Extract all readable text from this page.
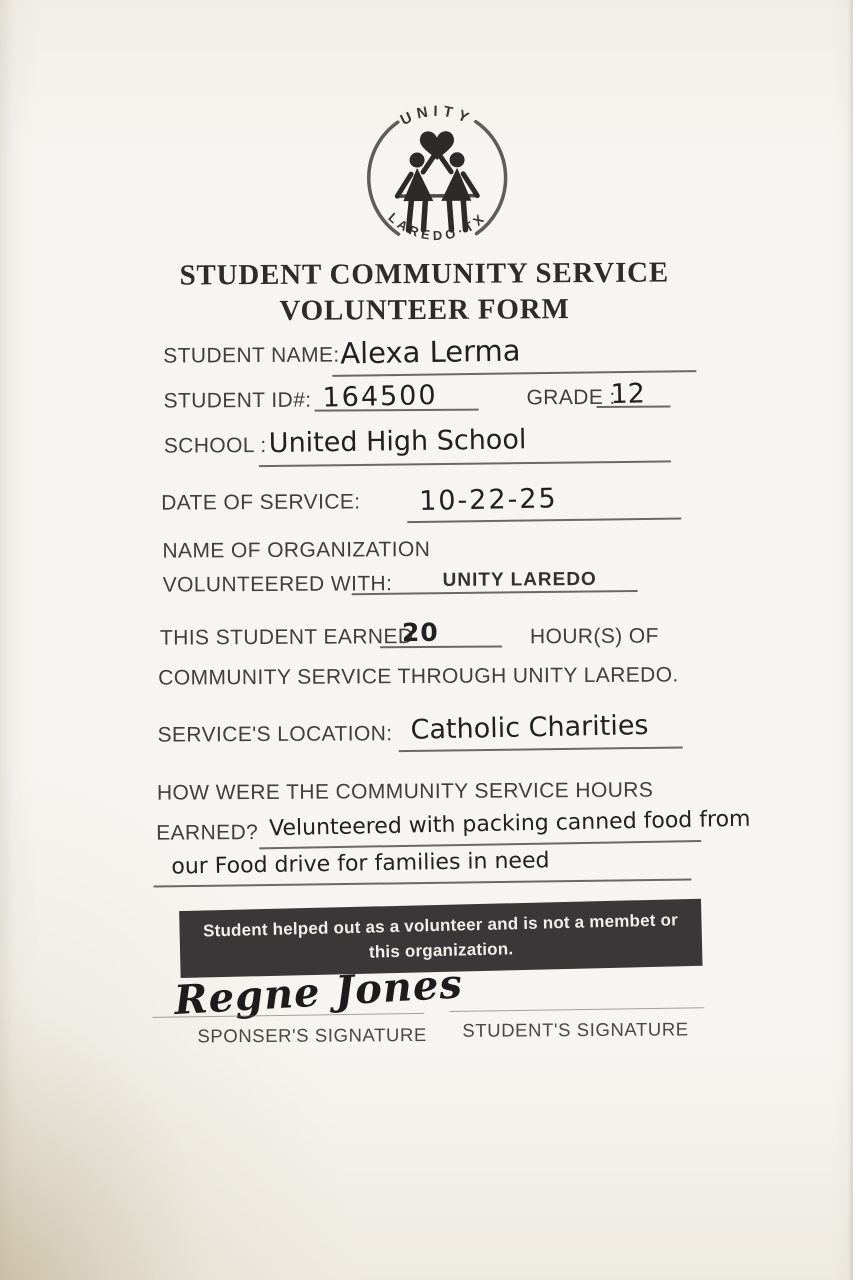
UNITY
LAREDO·TX
STUDENT COMMUNITY SERVICE
VOLUNTEER FORM
STUDENT NAME: Alexa Lerma
STUDENT ID#: 164500	GRADE :
12
SCHOOL : United High School
DATE OF SERVICE: 10-22-25
NAME OF ORGANIZATION
VOLUNTEERED WITH:	UNITY LAREDO
THIS STUDENT EARNED
20	HOUR(S) OF
COMMUNITY SERVICE THROUGH UNITY LAREDO.
SERVICE'S LOCATION: Catholic Charities
HOW WERE THE COMMUNITY SERVICE HOURS
EARNED? Velunteered with packing canned food from
our Food drive for families in need
Student helped out as a volunteer and is not a membet or this organization.
Regne Jones
SPONSER'S SIGNATURE STUDENT'S SIGNATURE
